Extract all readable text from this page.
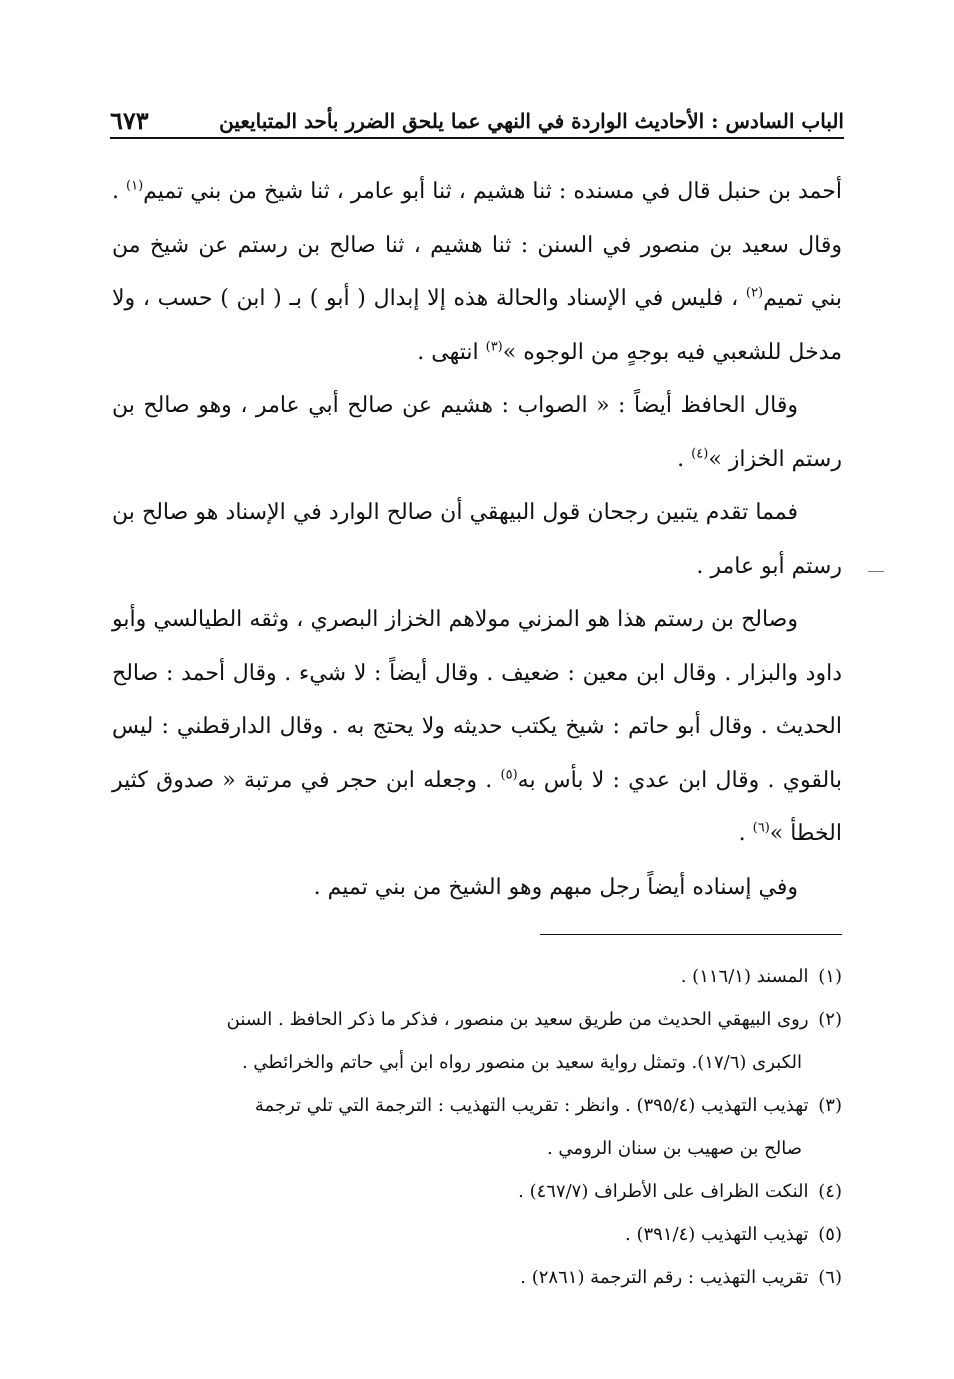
الباب السادس : الأحاديث الواردة في النهي عما يلحق الضرر بأحد المتبايعين
٦٧٣

أحمد بن حنبل قال في مسنده : ثنا هشيم ، ثنا أبو عامر ، ثنا شيخ من بني تميم$^{(١)}$ . وقال سعيد بن منصور في السنن : ثنا هشيم ، ثنا صالح بن رستم عن شيخ من بني تميم$^{(٢)}$ ، فليس في الإسناد والحالة هذه إلا إبدال ( أبو ) بـ ( ابن ) حسب ، ولا مدخل للشعبي فيه بوجهٍ من الوجوه »$^{(٣)}$ انتهى .

وقال الحافظ أيضاً : « الصواب : هشيم عن صالح أبي عامر ، وهو صالح بن رستم الخزاز »$^{(٤)}$ .

فمما تقدم يتبين رجحان قول البيهقي أن صالح الوارد في الإسناد هو صالح بن رستم أبو عامر .

وصالح بن رستم هذا هو المزني مولاهم الخزاز البصري ، وثقه الطيالسي وأبو داود والبزار . وقال ابن معين : ضعيف . وقال أيضاً : لا شيء . وقال أحمد : صالح الحديث . وقال أبو حاتم : شيخ يكتب حديثه ولا يحتج به . وقال الدارقطني : ليس بالقوي . وقال ابن عدي : لا بأس به$^{(٥)}$ . وجعله ابن حجر في مرتبة « صدوق كثير الخطأ »$^{(٦)}$ .

وفي إسناده أيضاً رجل مبهم وهو الشيخ من بني تميم .

(١) المسند (١١٦/١) .

(٢) روى البيهقي الحديث من طريق سعيد بن منصور ، فذكر ما ذكر الحافظ . السنن

الكبرى (١٧/٦). وتمثل رواية سعيد بن منصور رواه ابن أبي حاتم والخرائطي .

(٣) تهذيب التهذيب (٣٩٥/٤) . وانظر : تقريب التهذيب : الترجمة التي تلي ترجمة

صالح بن صهيب بن سنان الرومي .

(٤) النكت الظراف على الأطراف (٤٦٧/٧) .

(٥) تهذيب التهذيب (٣٩١/٤) .

(٦) تقريب التهذيب : رقم الترجمة (٢٨٦١) .
